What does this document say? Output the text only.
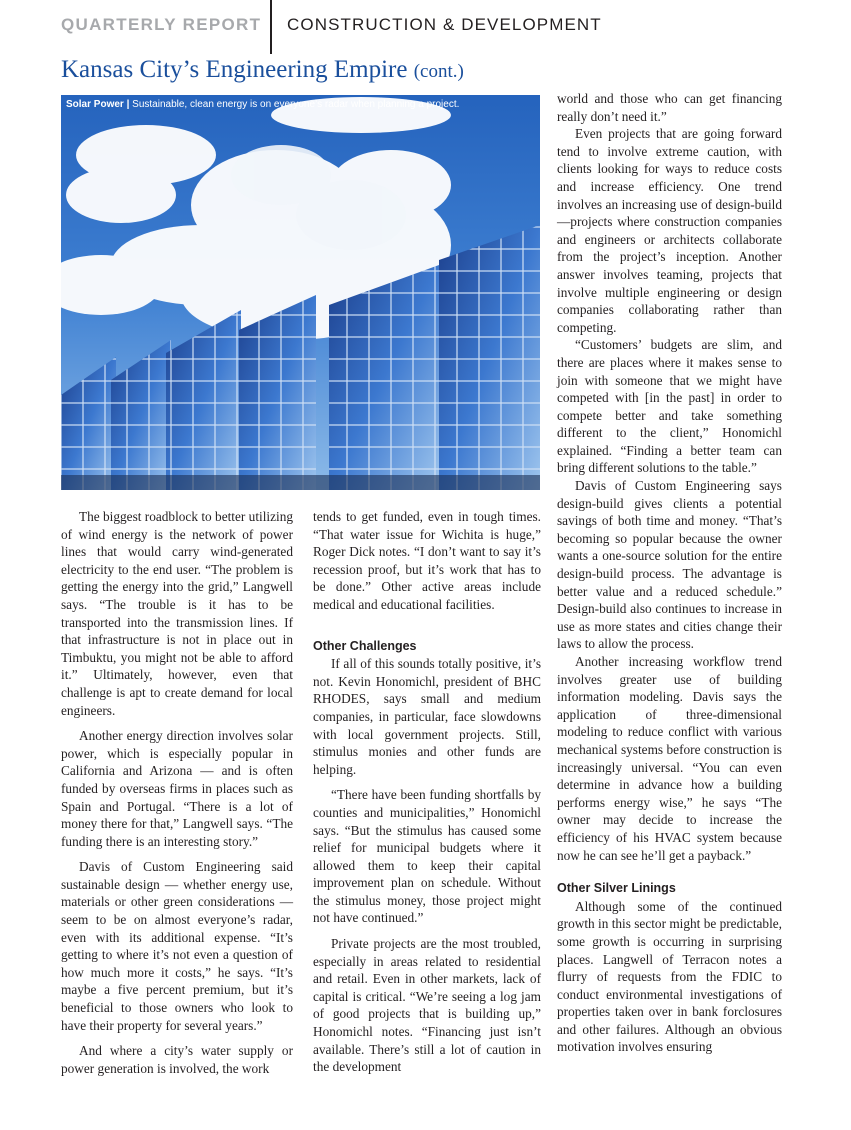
QUARTERLY REPORT CONSTRUCTION & DEVELOPMENT
Kansas City’s Engineering Empire (cont.)
Solar Power | Sustainable, clean energy is on everyone’s radar when planning a project.

The biggest roadblock to better utilizing of wind energy is the network of power lines that would carry wind-generated electricity to the end user. “The problem is getting the energy into the grid,” Langwell says. “The trouble is it has to be transported into the transmission lines. If that infrastructure is not in place out in Timbuktu, you might not be able to afford it.” Ultimately, however, even that challenge is apt to create demand for local engineers.

Another energy direction involves solar power, which is especially popular in California and Arizona — and is often funded by overseas firms in places such as Spain and Portugal. “There is a lot of money there for that,” Langwell says. “The funding there is an interesting story.”

Davis of Custom Engineering said sustainable design — whether energy use, materials or other green considerations — seem to be on almost everyone’s radar, even with its additional expense. “It’s getting to where it’s not even a question of how much more it costs,” he says. “It’s maybe a five percent premium, but it’s beneficial to those owners who look to have their property for several years.”

And where a city’s water supply or power generation is involved, the work

tends to get funded, even in tough times. “That water issue for Wichita is huge,” Roger Dick notes. “I don’t want to say it’s recession proof, but it’s work that has to be done.” Other active areas include medical and educational facilities.

Other Challenges

If all of this sounds totally positive, it’s not. Kevin Honomichl, president of BHC RHODES, says small and medium companies, in particular, face slowdowns with local government projects. Still, stimulus monies and other funds are helping.

“There have been funding shortfalls by counties and municipalities,” Honomichl says. “But the stimulus has caused some relief for municipal budgets where it allowed them to keep their capital improvement plan on schedule. Without the stimulus money, those project might not have continued.”

Private projects are the most troubled, especially in areas related to residential and retail. Even in other markets, lack of capital is critical. “We’re seeing a log jam of good projects that is building up,” Honomichl notes. “Financing just isn’t available. There’s still a lot of caution in the development

world and those who can get financing really don’t need it.”

Even projects that are going forward tend to involve extreme caution, with clients looking for ways to reduce costs and increase efficiency. One trend involves an increasing use of design-build—projects where construction companies and engineers or architects collaborate from the project’s inception. Another answer involves teaming, projects that involve multiple engineering or design companies collaborating rather than competing.

“Customers’ budgets are slim, and there are places where it makes sense to join with someone that we might have competed with [in the past] in order to compete better and take something different to the client,” Honomichl explained. “Finding a better team can bring different solutions to the table.”

Davis of Custom Engineering says design-build gives clients a potential savings of both time and money. “That’s becoming so popular because the owner wants a one-source solution for the entire design-build process. The advantage is better value and a reduced schedule.” Design-build also continues to increase in use as more states and cities change their laws to allow the process.

Another increasing workflow trend involves greater use of building information modeling. Davis says the application of three-dimensional modeling to reduce conflict with various mechanical systems before construction is increasingly universal. “You can even determine in advance how a building performs energy wise,” he says “The owner may decide to increase the efficiency of his HVAC system because now he can see he’ll get a payback.”

Other Silver Linings

Although some of the continued growth in this sector might be predictable, some growth is occurring in surprising places. Langwell of Terracon notes a flurry of requests from the FDIC to conduct environmental investigations of properties taken over in bank forclosures and other failures. Although an obvious motivation involves ensuring
